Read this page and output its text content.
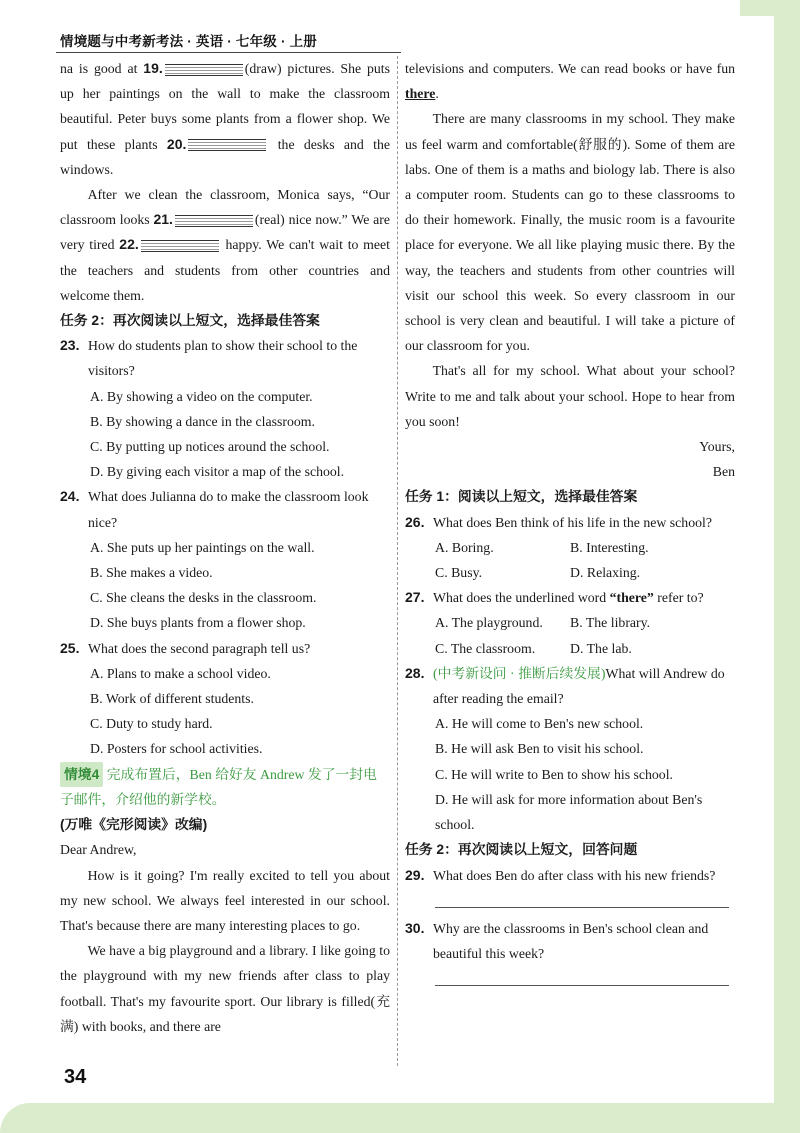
情境题与中考新考法 · 英语 · 七年级 · 上册
na is good at 19.	(draw) pictures. She puts up her paintings on the wall to make the classroom beautiful. Peter buys some plants from a flower shop. We put these plants 20.	the desks and the windows.
After we clean the classroom, Monica says, “Our classroom looks 21.	(real) nice now.” We are very tired 22.	happy. We can't wait to meet the teachers and students from other countries and welcome them.
任务 2：再次阅读以上短文，选择最佳答案
23. How do students plan to show their school to the visitors?
A. By showing a video on the computer.
B. By showing a dance in the classroom.
C. By putting up notices around the school.
D. By giving each visitor a map of the school.
24. What does Julianna do to make the classroom look nice?
A. She puts up her paintings on the wall.
B. She makes a video.
C. She cleans the desks in the classroom.
D. She buys plants from a flower shop.
25. What does the second paragraph tell us?
A. Plans to make a school video.
B. Work of different students.
C. Duty to study hard.
D. Posters for school activities.
情境4 完成布置后，Ben 给好友 Andrew 发了一封电子邮件，介绍他的新学校。
(万唯《完形阅读》改编)
Dear Andrew,
How is it going? I'm really excited to tell you about my new school. We always feel interested in our school. That's because there are many interesting places to go.
We have a big playground and a library. I like going to the playground with my new friends after class to play football. That's my favourite sport. Our library is filled(充满) with books, and there are
televisions and computers. We can read books or have fun there.
There are many classrooms in my school. They make us feel warm and comfortable(舒服的). Some of them are labs. One of them is a maths and biology lab. There is also a computer room. Students can go to these classrooms to do their homework. Finally, the music room is a favourite place for everyone. We all like playing music there. By the way, the teachers and students from other countries will visit our school this week. So every classroom in our school is very clean and beautiful. I will take a picture of our classroom for you.
That's all for my school. What about your school? Write to me and talk about your school. Hope to hear from you soon!
Yours,
Ben
任务 1：阅读以上短文，选择最佳答案
26. What does Ben think of his life in the new school?
A. Boring.	B. Interesting.
C. Busy.	D. Relaxing.
27. What does the underlined word “there” refer to?
A. The playground.	B. The library.
C. The classroom.	D. The lab.
28. (中考新设问 · 推断后续发展)What will Andrew do after reading the email?
A. He will come to Ben's new school.
B. He will ask Ben to visit his school.
C. He will write to Ben to show his school.
D. He will ask for more information about Ben's school.
任务 2：再次阅读以上短文，回答问题
29. What does Ben do after class with his new friends?
30. Why are the classrooms in Ben's school clean and beautiful this week?
34
